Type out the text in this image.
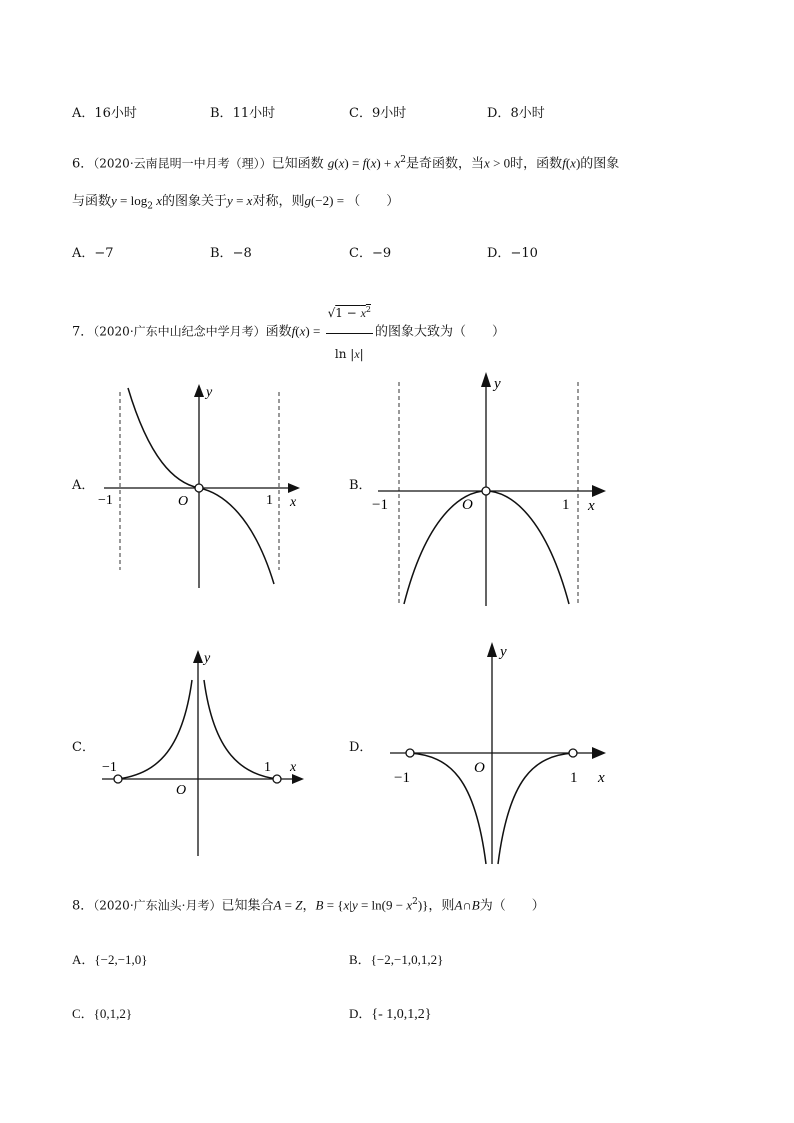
A．16小时	B．11小时	C．9小时	D．8小时
6．（2020·云南昆明一中月考（理））已知函数 $g(x) = f(x) + x^2$是奇函数，当x > 0时，函数f(x)的图象
与函数$y = \log_2 x$的图象关于y = x对称，则g(−2) = （　　）
A．−7	B．−8	C．−9	D．−10
7．（2020·广东中山纪念中学月考）函数$f(x) = \frac{√1 - x^2}{\ln |x|}$ 的图象大致为（　　）
A．
y
x
O
−1	1
B．
y
x
O
−1	1
C．
y
x
O
−1	1
D．
y
x
O
−1	1
8．（2020·广东汕头·月考）已知集合A = Z，$B = \{x|y = \ln(9 - x^2)\}$，则A∩B为（　　）
A．{−2,−1,0}	B．{−2,−1,0,1,2}
C．{0,1,2}	D．{- 1,0,1,2}
